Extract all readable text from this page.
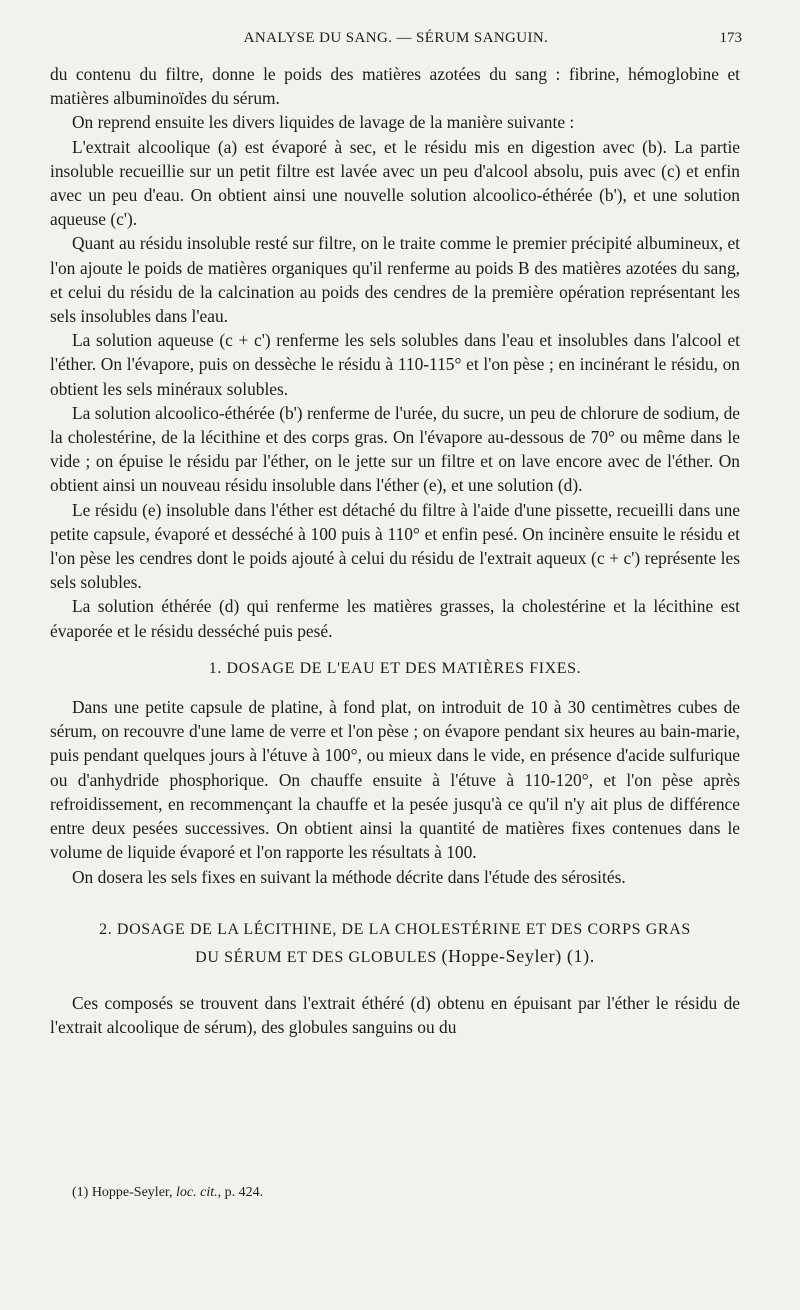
ANALYSE DU SANG. — SÉRUM SANGUIN.	173

du contenu du filtre, donne le poids des matières azotées du sang : fibrine, hémoglobine et matières albuminoïdes du sérum.

On reprend ensuite les divers liquides de lavage de la manière suivante :

L'extrait alcoolique (a) est évaporé à sec, et le résidu mis en digestion avec (b). La partie insoluble recueillie sur un petit filtre est lavée avec un peu d'alcool absolu, puis avec (c) et enfin avec un peu d'eau. On obtient ainsi une nouvelle solution alcoolico-éthérée (b'), et une solution aqueuse (c').

Quant au résidu insoluble resté sur filtre, on le traite comme le premier précipité albumineux, et l'on ajoute le poids de matières organiques qu'il renferme au poids B des matières azotées du sang, et celui du résidu de la calcination au poids des cendres de la première opération représentant les sels insolubles dans l'eau.

La solution aqueuse (c + c') renferme les sels solubles dans l'eau et insolubles dans l'alcool et l'éther. On l'évapore, puis on dessèche le résidu à 110-115° et l'on pèse ; en incinérant le résidu, on obtient les sels minéraux solubles.

La solution alcoolico-éthérée (b') renferme de l'urée, du sucre, un peu de chlorure de sodium, de la cholestérine, de la lécithine et des corps gras. On l'évapore au-dessous de 70° ou même dans le vide ; on épuise le résidu par l'éther, on le jette sur un filtre et on lave encore avec de l'éther. On obtient ainsi un nouveau résidu insoluble dans l'éther (e), et une solution (d).

Le résidu (e) insoluble dans l'éther est détaché du filtre à l'aide d'une pissette, recueilli dans une petite capsule, évaporé et desséché à 100 puis à 110° et enfin pesé. On incinère ensuite le résidu et l'on pèse les cendres dont le poids ajouté à celui du résidu de l'extrait aqueux (c + c') représente les sels solubles.

La solution éthérée (d) qui renferme les matières grasses, la cholestérine et la lécithine est évaporée et le résidu desséché puis pesé.

1. DOSAGE DE L'EAU ET DES MATIÈRES FIXES.

Dans une petite capsule de platine, à fond plat, on introduit de 10 à 30 centimètres cubes de sérum, on recouvre d'une lame de verre et l'on pèse ; on évapore pendant six heures au bain-marie, puis pendant quelques jours à l'étuve à 100°, ou mieux dans le vide, en présence d'acide sulfurique ou d'anhydride phosphorique. On chauffe ensuite à l'étuve à 110-120°, et l'on pèse après refroidissement, en recommençant la chauffe et la pesée jusqu'à ce qu'il n'y ait plus de différence entre deux pesées successives. On obtient ainsi la quantité de matières fixes contenues dans le volume de liquide évaporé et l'on rapporte les résultats à 100.

On dosera les sels fixes en suivant la méthode décrite dans l'étude des sérosités.

2. DOSAGE DE LA LÉCITHINE, DE LA CHOLESTÉRINE ET DES CORPS GRAS
DU SÉRUM ET DES GLOBULES (Hoppe-Seyler) (1).

Ces composés se trouvent dans l'extrait éthéré (d) obtenu en épuisant par l'éther le résidu de l'extrait alcoolique de sérum), des globules sanguins ou du

(1) Hoppe-Seyler, loc. cit., p. 424.
